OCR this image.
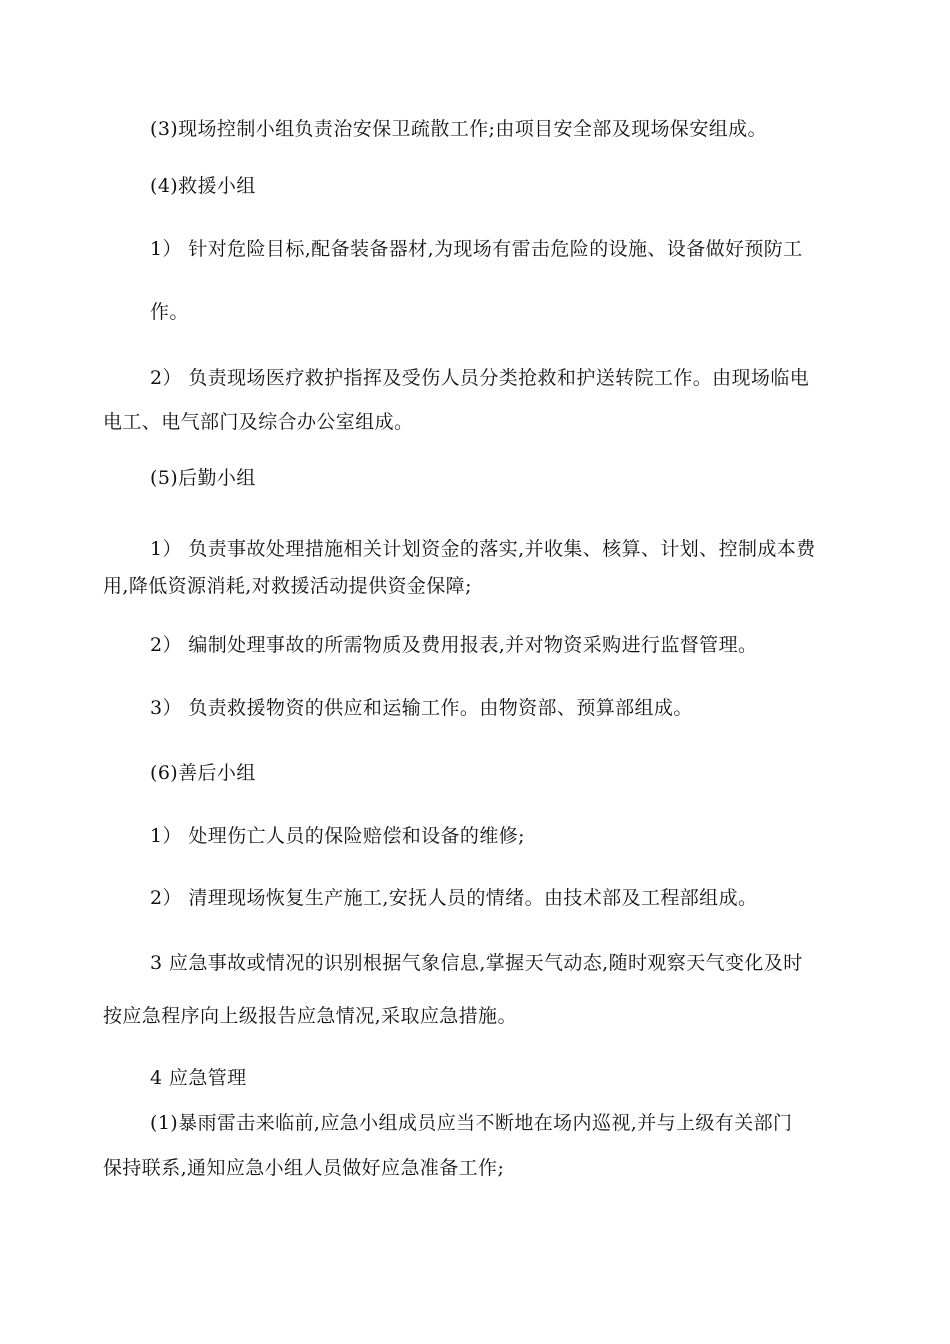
(3)现场控制小组负责治安保卫疏散工作;由项目安全部及现场保安组成。
(4)救援小组
1） 针对危险目标,配备装备器材,为现场有雷击危险的设施、设备做好预防工
作。
2） 负责现场医疗救护指挥及受伤人员分类抢救和护送转院工作。由现场临电
电工、电气部门及综合办公室组成。
(5)后勤小组
1） 负责事故处理措施相关计划资金的落实,并收集、核算、计划、控制成本费
用,降低资源消耗,对救援活动提供资金保障;
2） 编制处理事故的所需物质及费用报表,并对物资采购进行监督管理。
3） 负责救援物资的供应和运输工作。由物资部、预算部组成。
(6)善后小组
1） 处理伤亡人员的保险赔偿和设备的维修;
2） 清理现场恢复生产施工,安抚人员的情绪。由技术部及工程部组成。
3 应急事故或情况的识别根据气象信息,掌握天气动态,随时观察天气变化及时
按应急程序向上级报告应急情况,采取应急措施。
4 应急管理
(1)暴雨雷击来临前,应急小组成员应当不断地在场内巡视,并与上级有关部门
保持联系,通知应急小组人员做好应急准备工作;
